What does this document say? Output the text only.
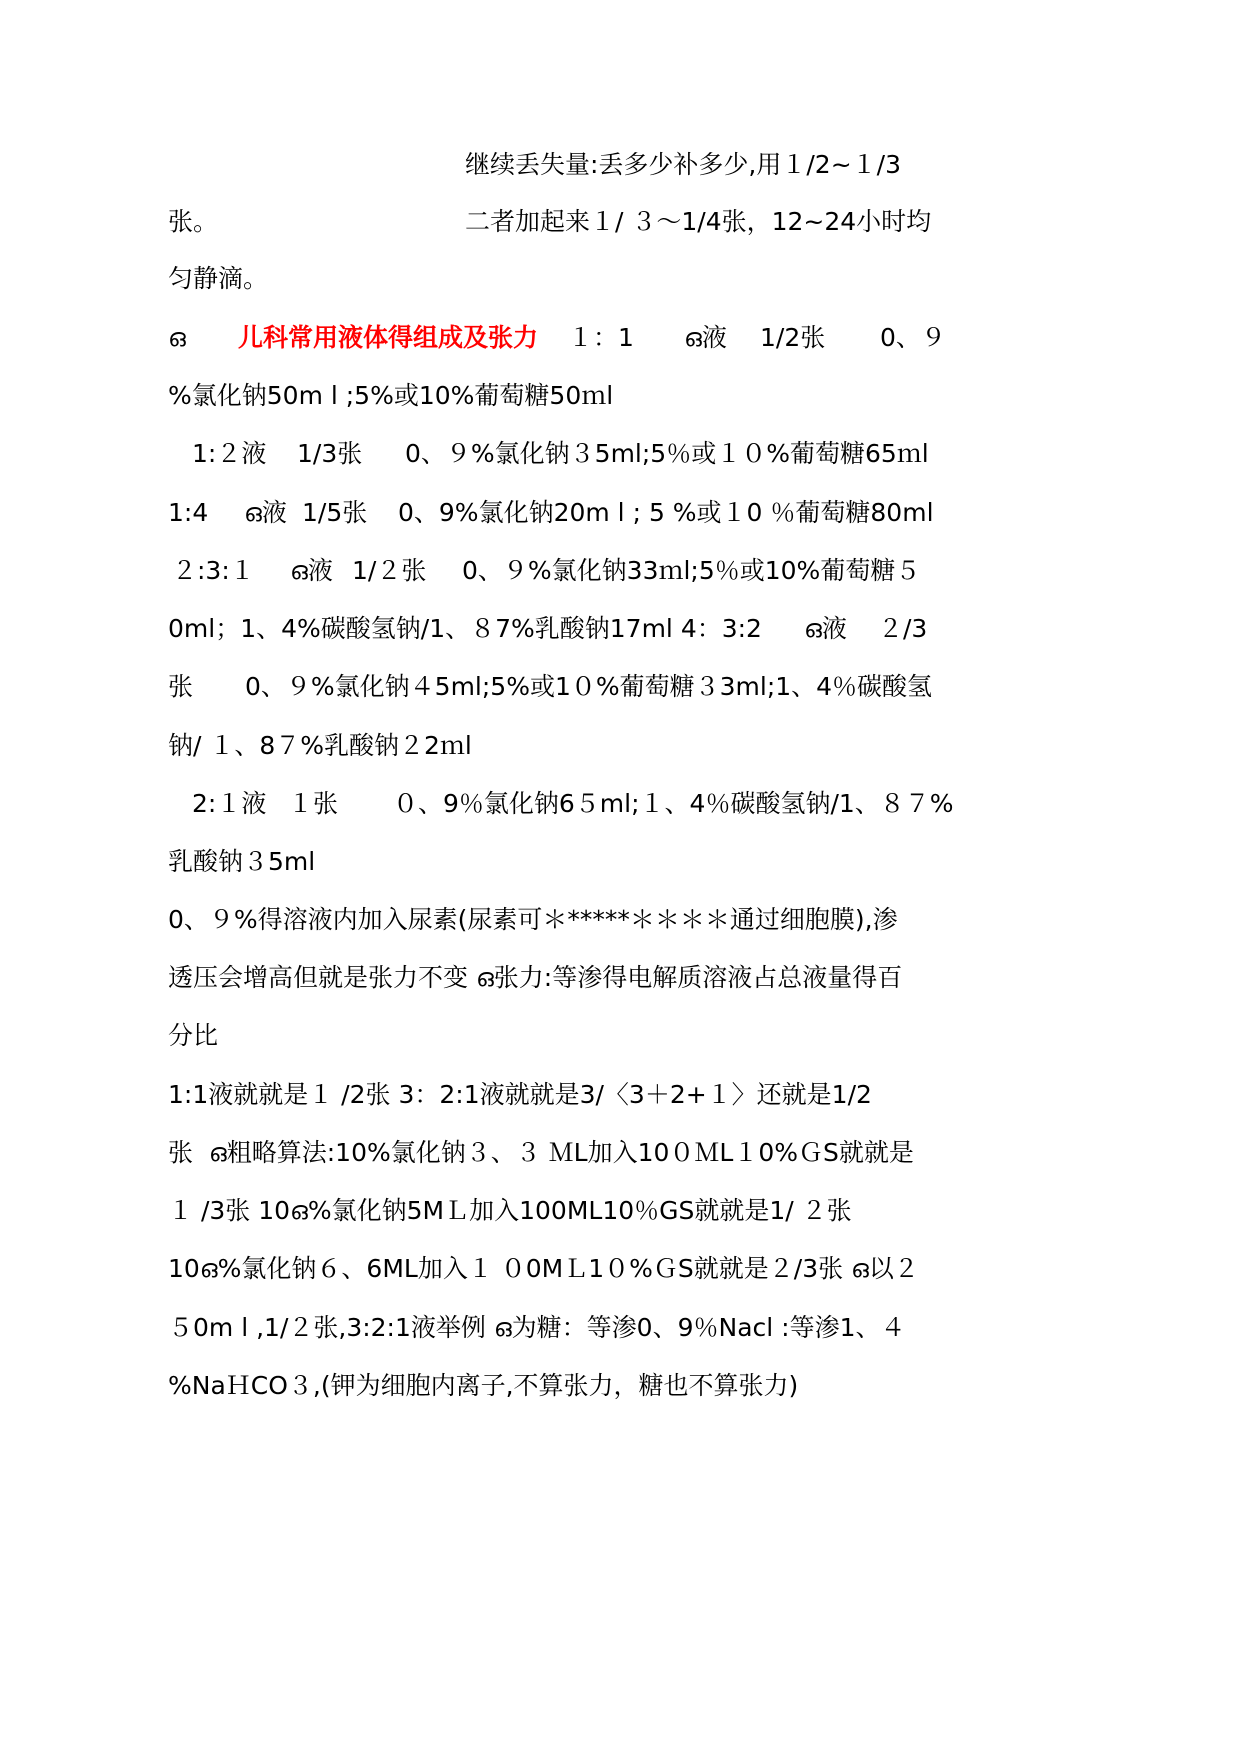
继续丢失量:丢多少补多少,用１/2~１/3
张。	二者加起来１/ ３～1/4张，12~24小时均
匀静滴。
ഒ 儿科常用液体得组成及张力 １：1 ഒ液 1/2张 0、９
%氯化钠50m l ;5%或10%葡萄糖50ｍl
1:２液 1/3张 0、９%氯化钠３5ml;5％或１０%葡萄糖65ｍl
1:4 ഒ液 1/5张 0、9%氯化钠20m l ; 5 %或１0 ％葡萄糖80ml
２:3:１ ഒ液 1/２张 0、９%氯化钠33ｍl;5％或10%葡萄糖５
0ml；1、4%碳酸氢钠/1、８7%乳酸钠17ml 4：3:2 ഒ液 ２/3
张 0、９%氯化钠４5ml;5%或1０%葡萄糖３3ml;1、4％碳酸氢
钠/ １、8７%乳酸钠２2ｍl
2:１液 １张 ０、9％氯化钠6５ml;１、4％碳酸氢钠/1、８７%
乳酸钠３5ml
0、９%得溶液内加入尿素(尿素可＊*****＊＊＊＊通过细胞膜),渗
透压会增高但就是张力不变 ഒ张力:等渗得电解质溶液占总液量得百
分比
1:1液就就是１ /2张 3：2:1液就就是3/〈3＋2+１〉还就是1/2
张  ഒ粗略算法:10%氯化钠３、３ ＭL加入10０ＭL１0%ＧS就就是
１ /3张 10ഒ%氯化钠5MＬ加入100ML10％GS就就是1/ ２张
10ഒ%氯化钠６、6ML加入１ ０0MＬ1０%ＧS就就是２/3张 ഒ以２
５0m l ,1/２张,3:2:1液举例 ഒ为糖：等渗0、9％Nacl :等渗1、４
%NaＨCO３,(钾为细胞内离子,不算张力，糖也不算张力)
